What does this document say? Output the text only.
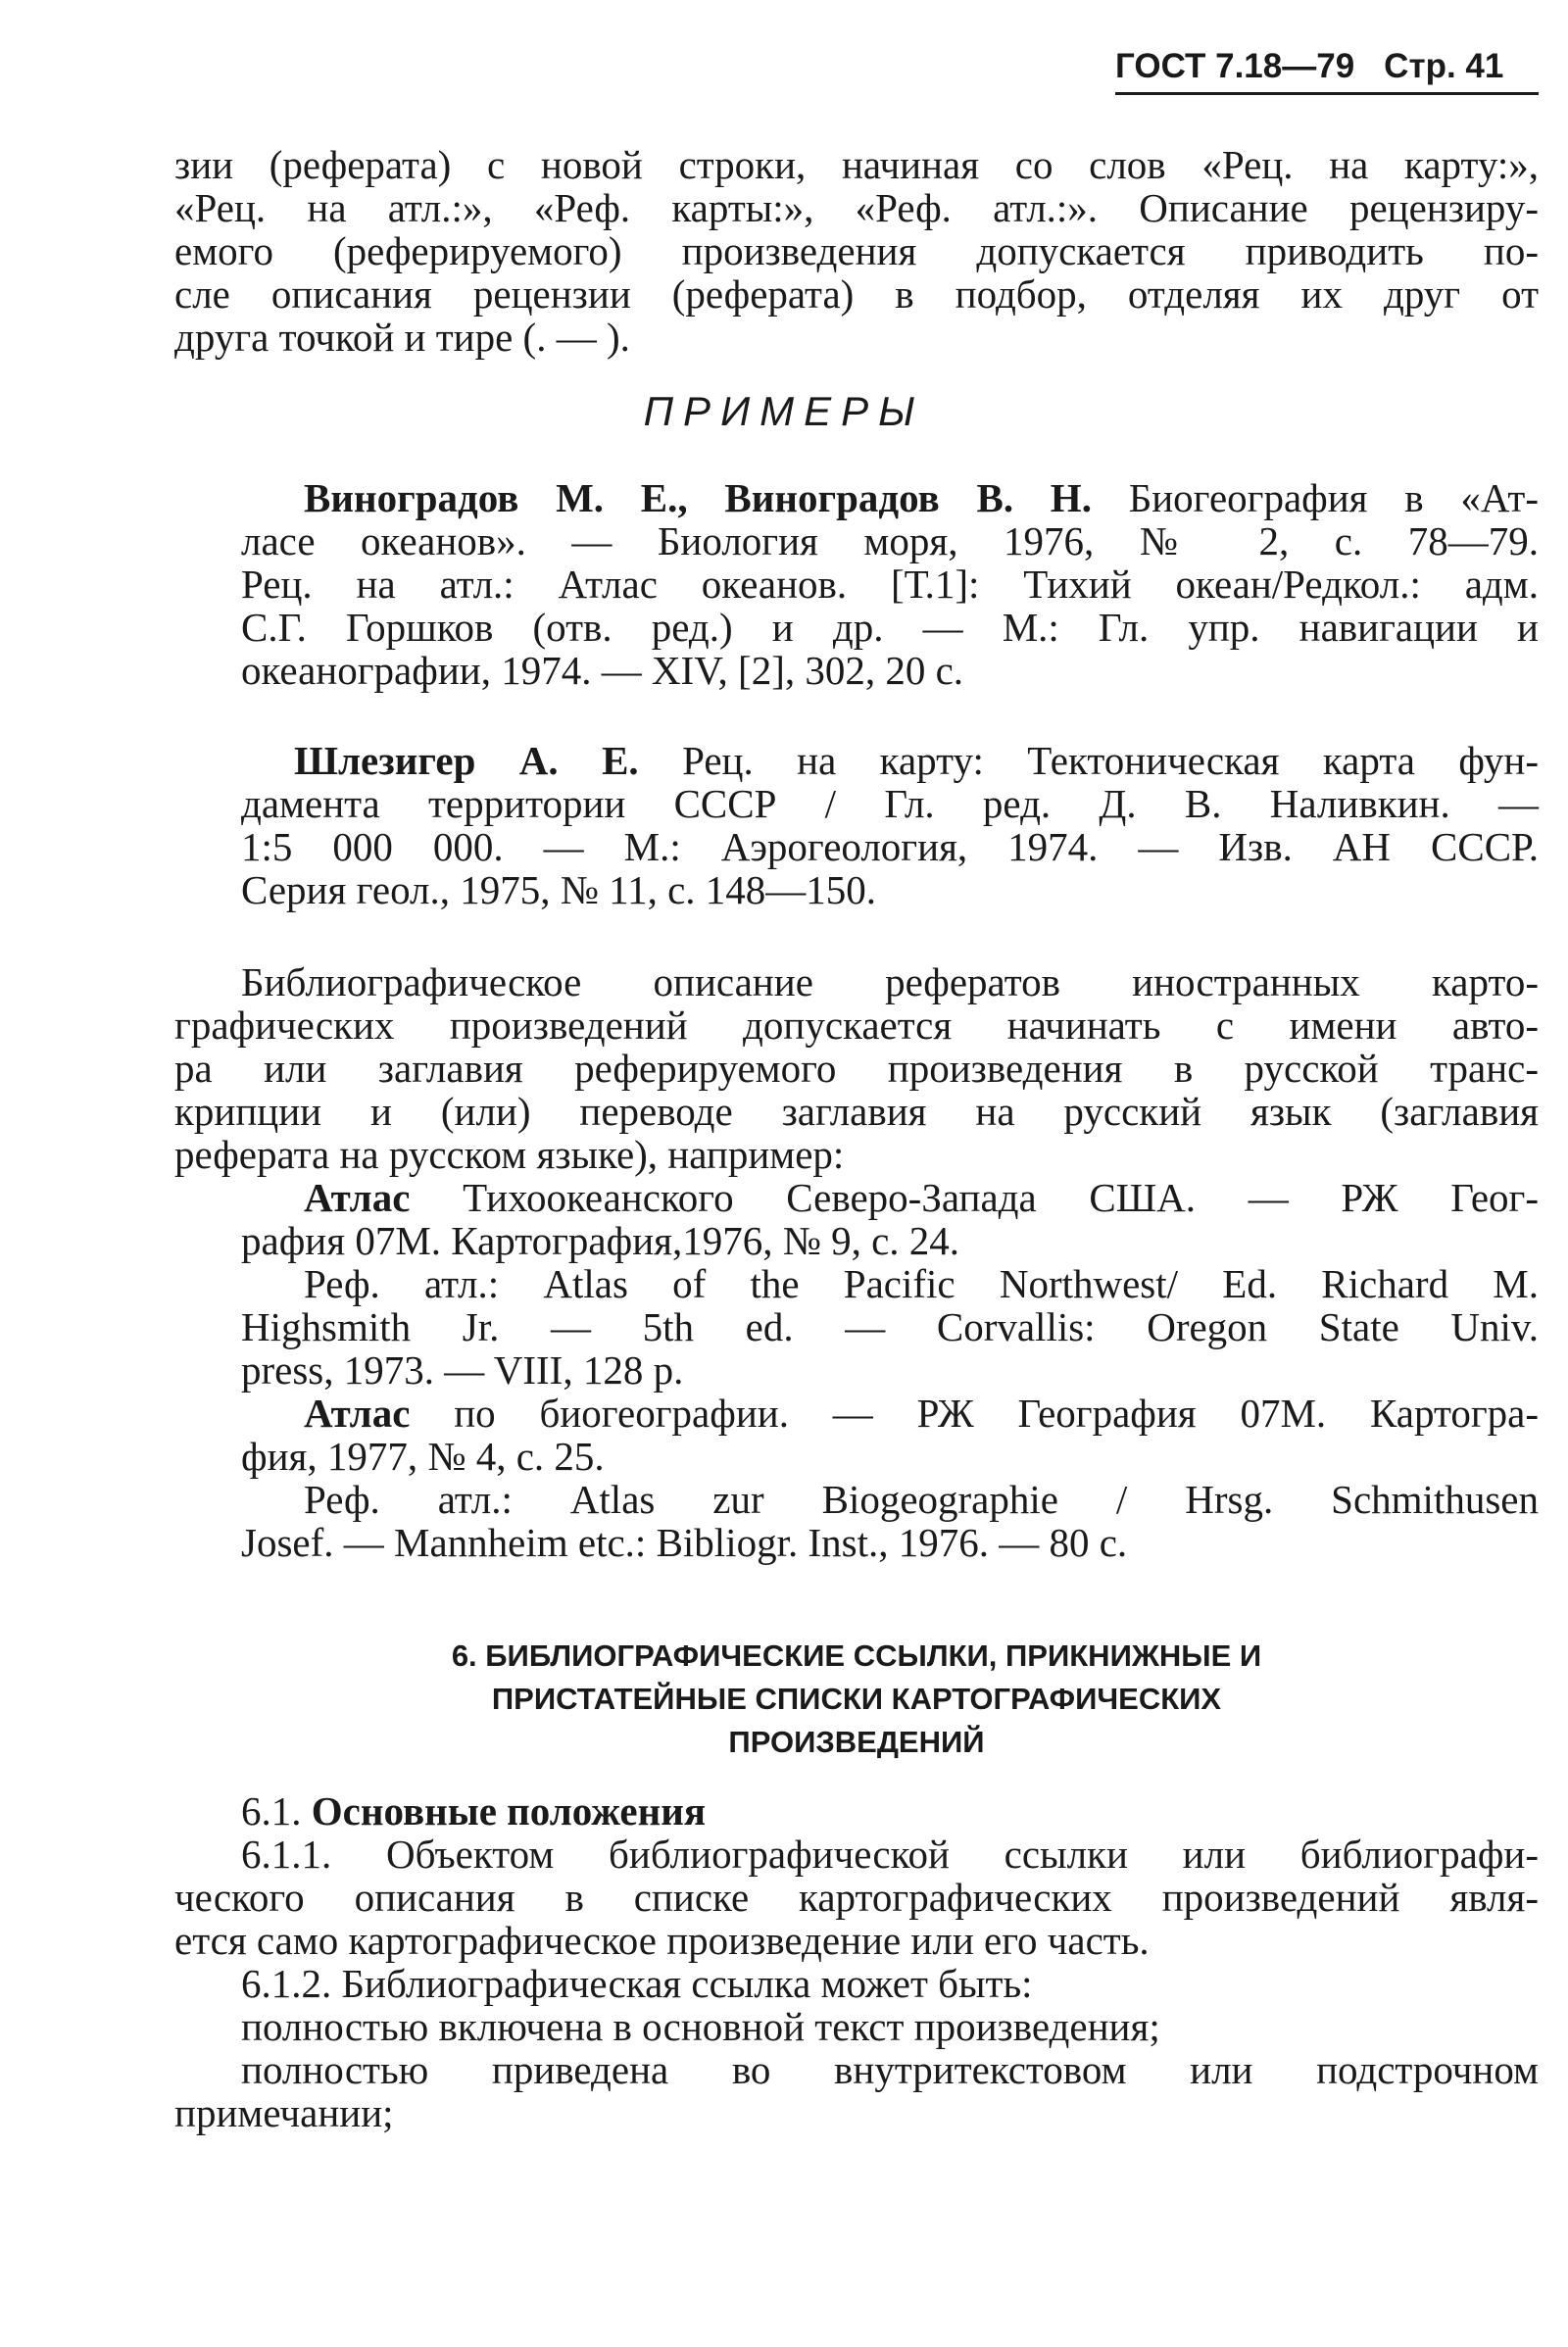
ГОСТ 7.18—79 Стр. 41
зии (реферата) с новой строки, начиная со слов «Рец. на карту:»,
«Рец. на атл.:», «Реф. карты:», «Реф. атл.:». Описание рецензиру-
емого (реферируемого) произведения допускается приводить по-
сле описания рецензии (реферата) в подбор, отделяя их друг от
друга точкой и тире (. — ).
ПРИМЕРЫ
Виноградов М. Е., Виноградов В. Н. Биогеография в «Ат-
ласе океанов». — Биология моря, 1976, № 2, с. 78—79.
Рец. на атл.: Атлас океанов. [Т.1]: Тихий океан/Редкол.: адм.
С.Г. Горшков (отв. ред.) и др. — М.: Гл. упр. навигации и
океанографии, 1974. — XIV, [2], 302, 20 с.
Шлезигер А. Е. Рец. на карту: Тектоническая карта фун-
дамента территории СССР / Гл. ред. Д. В. Наливкин. —
1:5 000 000. — М.: Аэрогеология, 1974. — Изв. АН СССР.
Серия геол., 1975, № 11, с. 148—150.
Библиографическое описание рефератов иностранных карто-
графических произведений допускается начинать с имени авто-
ра или заглавия реферируемого произведения в русской транс-
крипции и (или) переводе заглавия на русский язык (заглавия
реферата на русском языке), например:
Атлас Тихоокеанского Северо-Запада США. — РЖ Геог-
рафия 07М. Картография,1976, № 9, с. 24.
Реф. атл.: Atlas of the Pacific Northwest/ Ed. Richard M.
Highsmith Jr. — 5th ed. — Corvallis: Oregon State Univ.
press, 1973. — VIII, 128 p.
Атлас по биогеографии. — РЖ География 07М. Картогра-
фия, 1977, № 4, с. 25.
Реф. атл.: Atlas zur Biogeographie / Hrsg. Schmithusen
Josef. — Mannheim etc.: Bibliogr. Inst., 1976. — 80 с.
6. БИБЛИОГРАФИЧЕСКИЕ ССЫЛКИ, ПРИКНИЖНЫЕ И
ПРИСТАТЕЙНЫЕ СПИСКИ КАРТОГРАФИЧЕСКИХ
ПРОИЗВЕДЕНИЙ
6.1. Основные положения
6.1.1. Объектом библиографической ссылки или библиографи-
ческого описания в списке картографических произведений явля-
ется само картографическое произведение или его часть.
6.1.2. Библиографическая ссылка может быть:
полностью включена в основной текст произведения;
полностью приведена во внутритекстовом или подстрочном
примечании;
